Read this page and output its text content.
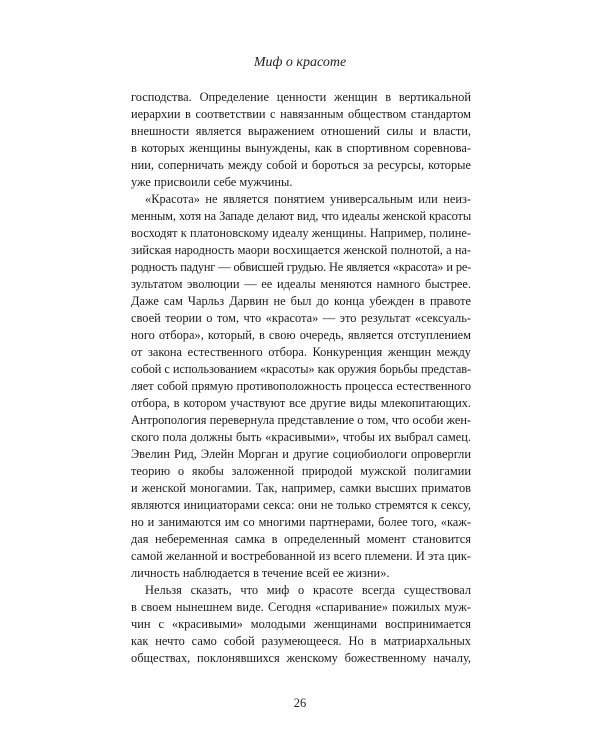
Миф о красоте
господства. Определение ценности женщин в вертикальной
иерархии в соответствии с навязанным обществом стандартом
внешности является выражением отношений силы и власти,
в которых женщины вынуждены, как в спортивном соревнова-
нии, соперничать между собой и бороться за ресурсы, которые
уже присвоили себе мужчины.
«Красота» не является понятием универсальным или неиз-
менным, хотя на Западе делают вид, что идеалы женской красоты
восходят к платоновскому идеалу женщины. Например, полине-
зийская народность маори восхищается женской полнотой, а на-
родность падунг — обвисшей грудью. Не является «красота» и ре-
зультатом эволюции — ее идеалы меняются намного быстрее.
Даже сам Чарльз Дарвин не был до конца убежден в правоте
своей теории о том, что «красота» — это результат «сексуаль-
ного отбора», который, в свою очередь, является отступлением
от закона естественного отбора. Конкуренция женщин между
собой с использованием «красоты» как оружия борьбы представ-
ляет собой прямую противоположность процесса естественного
отбора, в котором участвуют все другие виды млекопитающих.
Антропология перевернула представление о том, что особи жен-
ского пола должны быть «красивыми», чтобы их выбрал самец.
Эвелин Рид, Элейн Морган и другие социобиологи опровергли
теорию о якобы заложенной природой мужской полигамии
и женской моногамии. Так, например, самки высших приматов
являются инициаторами секса: они не только стремятся к сексу,
но и занимаются им со многими партнерами, более того, «каж-
дая небеременная самка в определенный момент становится
самой желанной и востребованной из всего племени. И эта цик-
личность наблюдается в течение всей ее жизни».
Нельзя сказать, что миф о красоте всегда существовал
в своем нынешнем виде. Сегодня «спаривание» пожилых муж-
чин с «красивыми» молодыми женщинами воспринимается
как нечто само собой разумеющееся. Но в матриархальных
обществах, поклонявшихся женскому божественному началу,
26
